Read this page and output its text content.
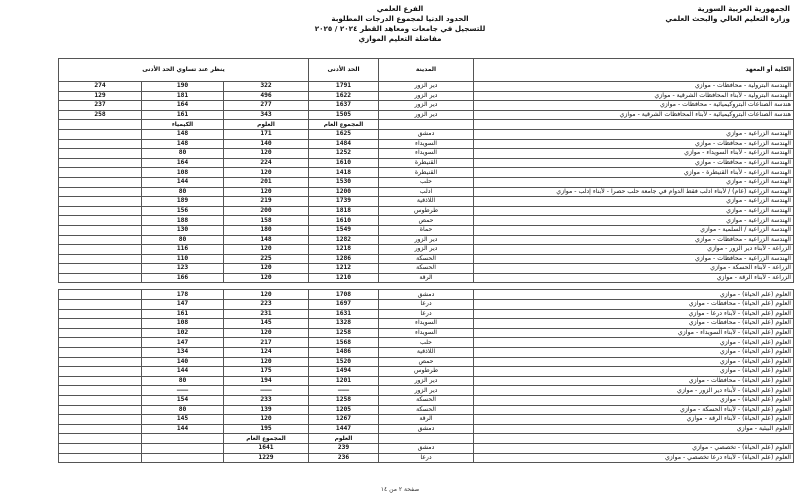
الجمهورية العربية السورية
وزارة التعليم العالي والبحث العلمي
الفرع العلمي
الحدود الدنيا لمجموع الدرجات المطلوبة
للتسجيل في جامعات ومعاهد القطر ٢٠٢٤ / ٢٠٢٥
مفاضلة التعليم الموازي
الكلية أو المعهد	المدينة	الحد الأدنى	ينظر عند تساوي الحد الأدنى		
الهندسة البترولية - محافظات - موازي	دير الزور	1791	322	190	274
الهندسة البترولية - لأبناء المحافظات الشرقية - موازي	دير الزور	1622	496	181	129
هندسة الصناعات البتروكيميائية - محافظات - موازي	دير الزور	1637	277	164	237
هندسة الصناعات البتروكيميائية - لأبناء المحافظات الشرقية - موازي	دير الزور	1505	343	161	258
		المجموع العام	العلوم	الكيمياء	
الهندسة الزراعية - موازي	دمشق	1625	171	148	
الهندسة الزراعية - محافظات - موازي	السويداء	1484	140	148	
الهندسة الزراعية - لأبناء السويداء - موازي	السويداء	1252	120	80	
الهندسة الزراعية - محافظات - موازي	القنيطرة	1610	224	164	
الهندسة الزراعية - لأبناء القنيطرة - موازي	القنيطرة	1418	120	108	
الهندسة الزراعية - موازي	حلب	1530	201	144	
الهندسة الزراعية (عام) / لأبناء ادلب فقط الدوام في جامعة حلب حصراً - لأبناء إدلب - موازي	ادلب	1200	120	80	
الهندسة الزراعية - موازي	اللاذقية	1739	219	189	
الهندسة الزراعية - موازي	طرطوس	1818	200	156	
الهندسة الزراعية - موازي	حمص	1610	158	188	
الهندسة الزراعية / السلمية - موازي	حماة	1549	180	130	
الهندسة الزراعية - محافظات - موازي	دير الزور	1282	148	80	
الزراعة - لأبناء دير الزور - موازي	دير الزور	1218	120	116	
الهندسة الزراعية - محافظات - موازي	الحسكة	1286	225	110	
الزراعة - لأبناء الحسكة - موازي	الحسكة	1212	120	123	
الزراعة - لأبناء الرقة - موازي	الرقة	1210	120	166	

العلوم (علم الحياة) - موازي	دمشق	1708	120	178	
العلوم (علم الحياة) - محافظات - موازي	درعا	1697	223	147	
العلوم (علم الحياة) - لأبناء درعا - موازي	درعا	1631	231	161	
العلوم (علم الحياة) - محافظات - موازي	السويداء	1328	145	108	
العلوم (علم الحياة) - لأبناء السويداء - موازي	السويداء	1258	120	102	
العلوم (علم الحياة) - موازي	حلب	1568	217	147	
العلوم (علم الحياة) - موازي	اللاذقية	1486	124	134	
العلوم (علم الحياة) - موازي	حمص	1520	120	140	
العلوم (علم الحياة) - موازي	طرطوس	1494	175	144	
العلوم (علم الحياة) - محافظات - موازي	دير الزور	1201	194	80	
العلوم (علم الحياة) - لأبناء دير الزور - موازي	دير الزور	———	———	———	
العلوم (علم الحياة) - موازي	الحسكة	1258	233	154	
العلوم (علم الحياة) - لأبناء الحسكة - موازي	الحسكة	1205	139	80	
العلوم (علم الحياة) - لأبناء الرقة - موازي	الرقة	1267	120	145	
العلوم البيئية - موازي	دمشق	1447	195	144	
		العلوم	المجموع العام		
العلوم (علم الحياة) - تخصصي - موازي	دمشق	239	1641		
العلوم (علم الحياة) - لأبناء درعا تخصصي - موازي	درعا	236	1229		
صفحة ٢ من ١٤
